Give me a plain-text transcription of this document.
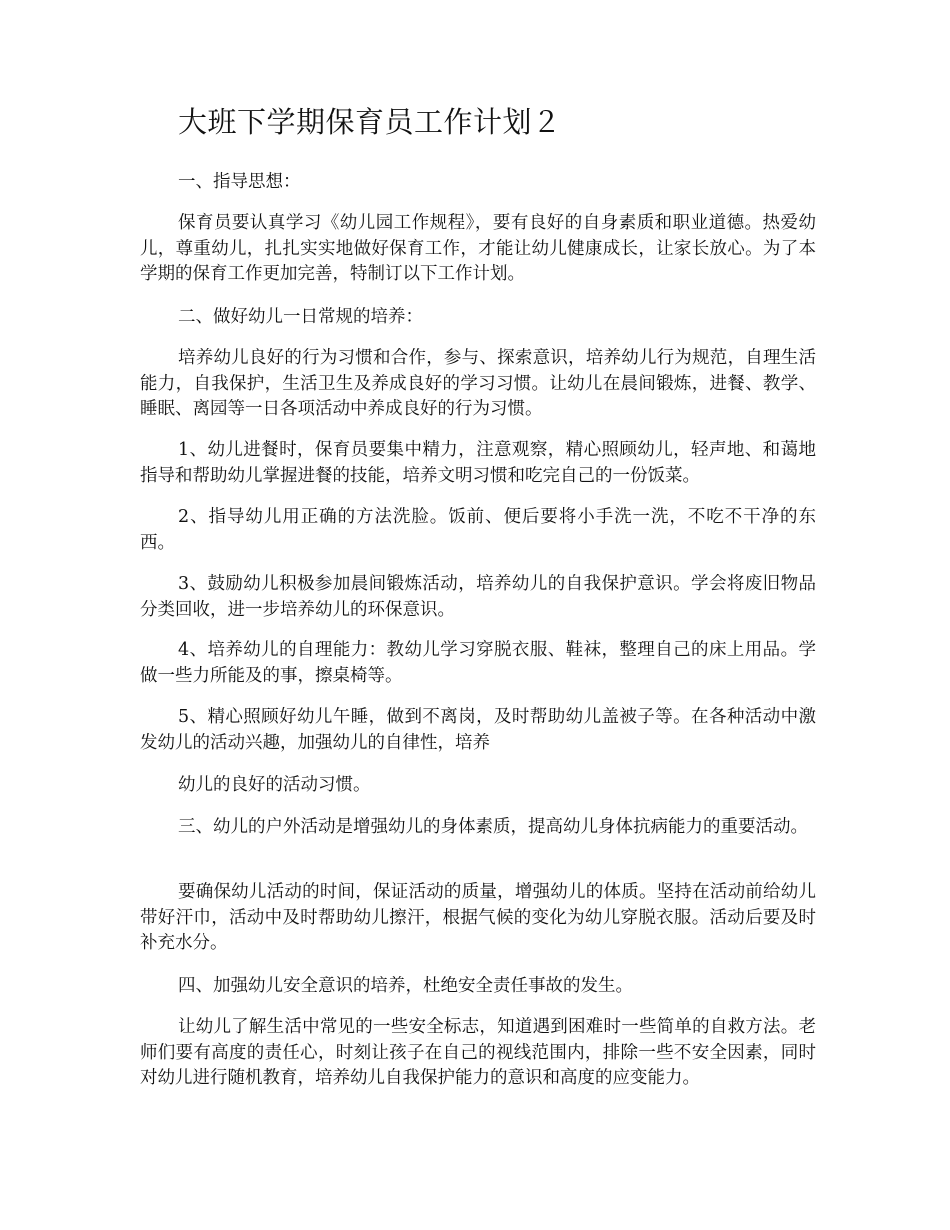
大班下学期保育员工作计划２

一、指导思想：

保育员要认真学习《幼儿园工作规程》，要有良好的自身素质和职业道德。热爱幼儿，尊重幼儿，扎扎实实地做好保育工作，才能让幼儿健康成长，让家长放心。为了本学期的保育工作更加完善，特制订以下工作计划。

二、做好幼儿一日常规的培养：

培养幼儿良好的行为习惯和合作，参与、探索意识，培养幼儿行为规范，自理生活能力，自我保护，生活卫生及养成良好的学习习惯。让幼儿在晨间锻炼，进餐、教学、睡眠、离园等一日各项活动中养成良好的行为习惯。

1、幼儿进餐时，保育员要集中精力，注意观察，精心照顾幼儿，轻声地、和蔼地指导和帮助幼儿掌握进餐的技能，培养文明习惯和吃完自己的一份饭菜。

2、指导幼儿用正确的方法洗脸。饭前、便后要将小手洗一洗，不吃不干净的东西。

3、鼓励幼儿积极参加晨间锻炼活动，培养幼儿的自我保护意识。学会将废旧物品分类回收，进一步培养幼儿的环保意识。

4、培养幼儿的自理能力：教幼儿学习穿脱衣服、鞋袜，整理自己的床上用品。学做一些力所能及的事，擦桌椅等。

5、精心照顾好幼儿午睡，做到不离岗，及时帮助幼儿盖被子等。在各种活动中激发幼儿的活动兴趣，加强幼儿的自律性，培养

幼儿的良好的活动习惯。

三、幼儿的户外活动是增强幼儿的身体素质，提高幼儿身体抗病能力的重要活动。

要确保幼儿活动的时间，保证活动的质量，增强幼儿的体质。坚持在活动前给幼儿带好汗巾，活动中及时帮助幼儿擦汗，根据气候的变化为幼儿穿脱衣服。活动后要及时补充水分。

四、加强幼儿安全意识的培养，杜绝安全责任事故的发生。

让幼儿了解生活中常见的一些安全标志，知道遇到困难时一些简单的自救方法。老师们要有高度的责任心，时刻让孩子在自己的视线范围内，排除一些不安全因素，同时对幼儿进行随机教育，培养幼儿自我保护能力的意识和高度的应变能力。
